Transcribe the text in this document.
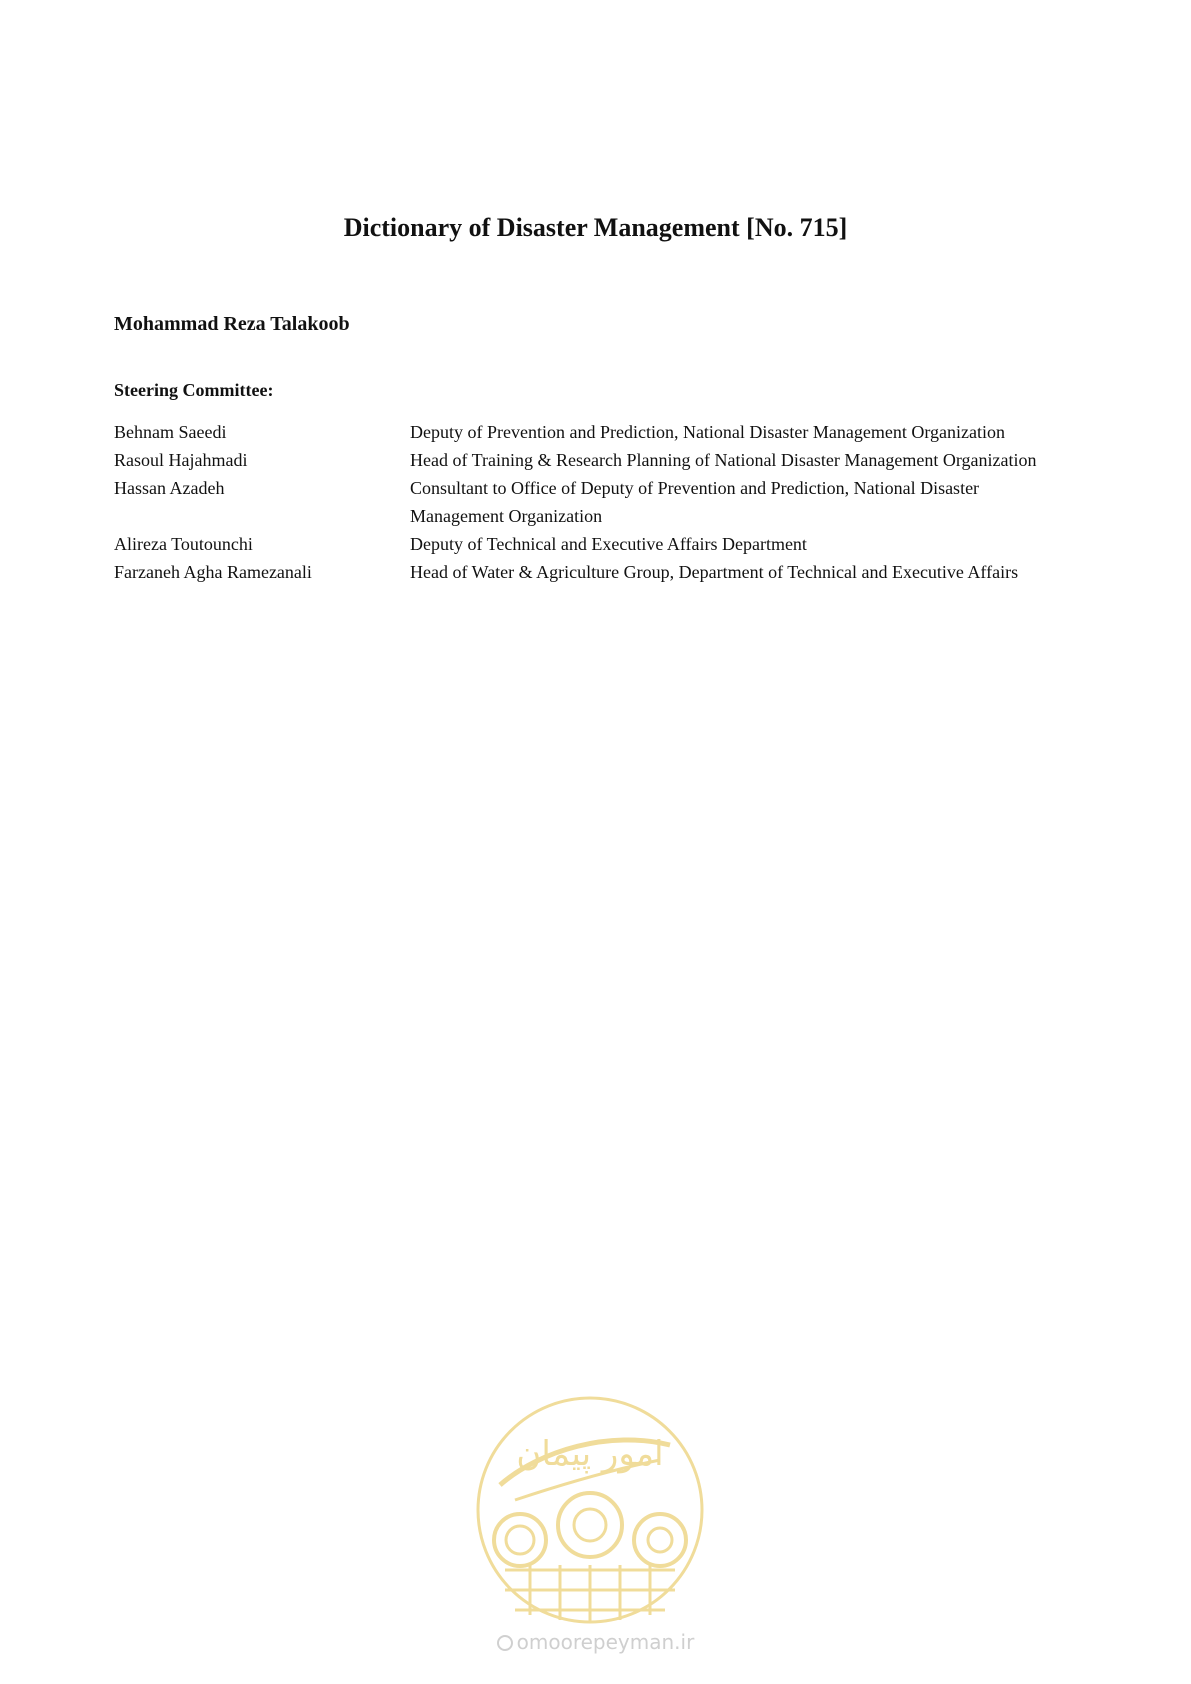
Dictionary of Disaster Management [No. 715]

Mohammad Reza Talakoob

Steering Committee:

Behnam Saeedi	Deputy of Prevention and Prediction, National Disaster Management Organization
Rasoul Hajahmadi	Head of Training & Research Planning of National Disaster Management Organization
Hassan Azadeh	Consultant to Office of Deputy of Prevention and Prediction, National Disaster Management Organization
Alireza Toutounchi	Deputy of Technical and Executive Affairs Department
Farzaneh Agha Ramezanali	Head of Water & Agriculture Group, Department of Technical and Executive Affairs
امور پیمان

omoorepeyman.ir
